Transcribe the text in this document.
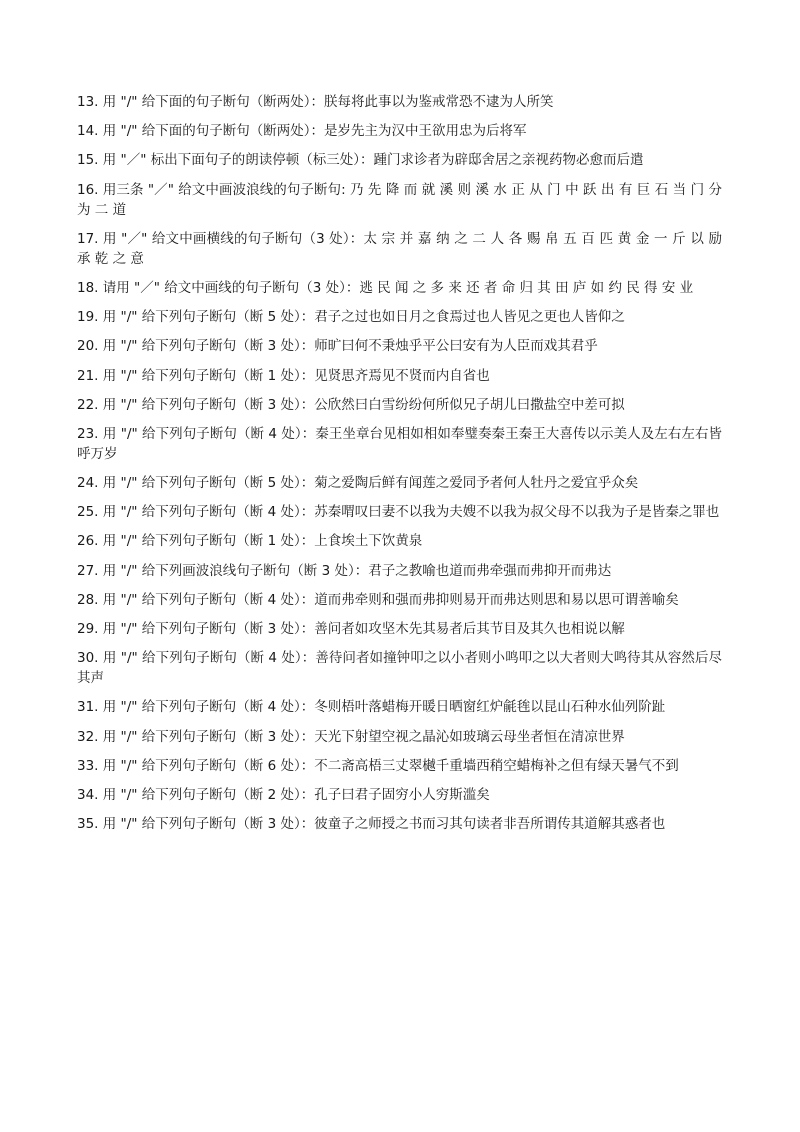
13. 用 "/" 给下面的句子断句（断两处）：朕每将此事以为鉴戒常恐不逮为人所笑
14. 用 "/" 给下面的句子断句（断两处）：是岁先主为汉中王欲用忠为后将军
15. 用 "／" 标出下面句子的朗读停顿（标三处）：踵门求诊者为辟邸舍居之亲视药物必愈而后遣
16. 用三条 "／" 给文中画波浪线的句子断句: 乃 先 降 而 就 溪 则 溪 水 正 从 门 中 跃 出 有 巨 石 当 门 分 为 二 道
17. 用 "／" 给文中画横线的句子断句（3 处）：太 宗 并 嘉 纳 之 二 人 各 赐 帛 五 百 匹 黄 金 一 斤 以 励 承 乾 之 意
18. 请用 "／" 给文中画线的句子断句（3 处）：逃 民 闻 之 多 来 还 者 命 归 其 田 庐 如 约 民 得 安 业
19. 用 "/" 给下列句子断句（断 5 处）：君子之过也如日月之食焉过也人皆见之更也人皆仰之
20. 用 "/" 给下列句子断句（断 3 处）：师旷曰何不秉烛乎平公曰安有为人臣而戏其君乎
21. 用 "/" 给下列句子断句（断 1 处）：见贤思齐焉见不贤而内自省也
22. 用 "/" 给下列句子断句（断 3 处）：公欣然曰白雪纷纷何所似兄子胡儿曰撒盐空中差可拟
23. 用 "/" 给下列句子断句（断 4 处）：秦王坐章台见相如相如奉璧奏秦王秦王大喜传以示美人及左右左右皆呼万岁
24. 用 "/" 给下列句子断句（断 5 处）：菊之爱陶后鲜有闻莲之爱同予者何人牡丹之爱宜乎众矣
25. 用 "/" 给下列句子断句（断 4 处）：苏秦喟叹曰妻不以我为夫嫂不以我为叔父母不以我为子是皆秦之罪也
26. 用 "/" 给下列句子断句（断 1 处）：上食埃土下饮黄泉
27. 用 "/" 给下列画波浪线句子断句（断 3 处）：君子之教喻也道而弗牵强而弗抑开而弗达
28. 用 "/" 给下列句子断句（断 4 处）：道而弗牵则和强而弗抑则易开而弗达则思和易以思可谓善喻矣
29. 用 "/" 给下列句子断句（断 3 处）：善问者如攻坚木先其易者后其节目及其久也相说以解
30. 用 "/" 给下列句子断句（断 4 处）：善待问者如撞钟叩之以小者则小鸣叩之以大者则大鸣待其从容然后尽其声
31. 用 "/" 给下列句子断句（断 4 处）：冬则梧叶落蜡梅开暖日晒窗红炉毹毪以昆山石种水仙列阶趾
32. 用 "/" 给下列句子断句（断 3 处）：天光下射望空视之晶沁如玻璃云母坐者恒在清凉世界
33. 用 "/" 给下列句子断句（断 6 处）：不二斋高梧三丈翠樾千重墙西稍空蜡梅补之但有绿天暑气不到
34. 用 "/" 给下列句子断句（断 2 处）：孔子曰君子固穷小人穷斯滥矣
35. 用 "/" 给下列句子断句（断 3 处）：彼童子之师授之书而习其句读者非吾所谓传其道解其惑者也
